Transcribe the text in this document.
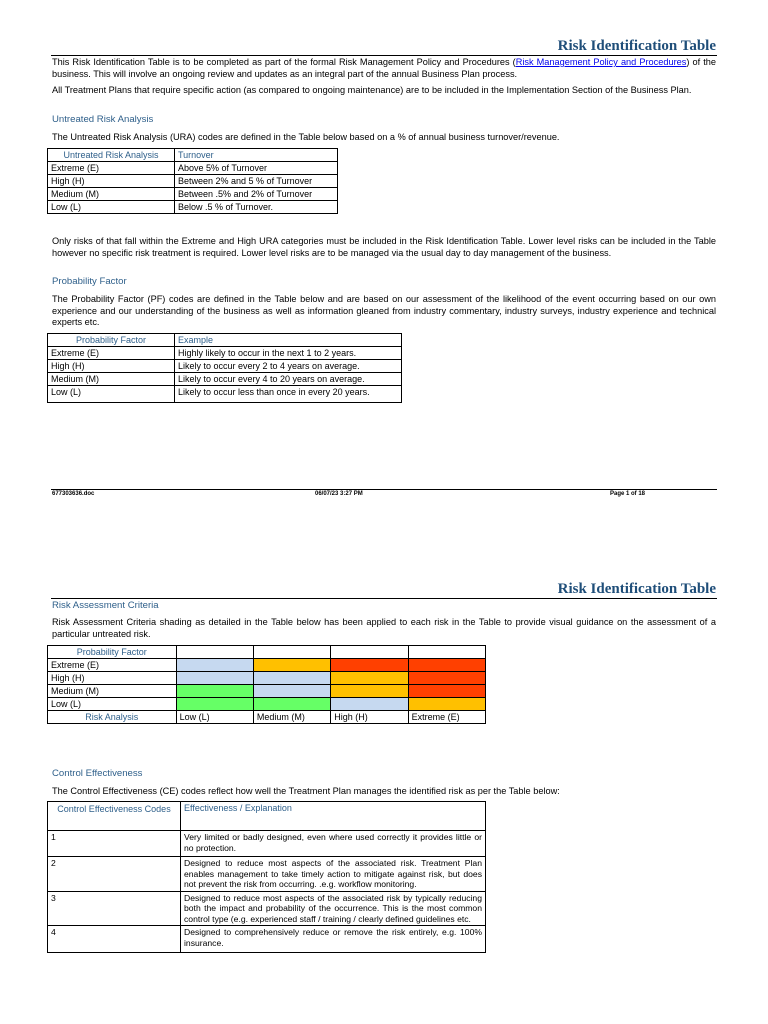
Risk Identification Table
This Risk Identification Table is to be completed as part of the formal Risk Management Policy and Procedures (Risk Management Policy and Procedures) of the business. This will involve an ongoing review and updates as an integral part of the annual Business Plan process.
All Treatment Plans that require specific action (as compared to ongoing maintenance) are to be included in the Implementation Section of the Business Plan.
Untreated Risk Analysis
The Untreated Risk Analysis (URA) codes are defined in the Table below based on a % of annual business turnover/revenue.
Untreated Risk Analysis	Turnover
Extreme (E)	Above 5% of Turnover
High (H)	Between 2% and 5 % of Turnover
Medium (M)	Between .5% and 2% of Turnover
Low (L)	Below .5 % of Turnover.
Only risks of that fall within the Extreme and High URA categories must be included in the Risk Identification Table. Lower level risks can be included in the Table however no specific risk treatment is required. Lower level risks are to be managed via the usual day to day management of the business.
Probability Factor
The Probability Factor (PF) codes are defined in the Table below and are based on our assessment of the likelihood of the event occurring based on our own experience and our understanding of the business as well as information gleaned from industry commentary, industry surveys, industry experience and technical experts etc.
Probability Factor	Example
Extreme (E)	Highly likely to occur in the next 1 to 2 years.
High (H)	Likely to occur every 2 to 4 years on average.
Medium (M)	Likely to occur every 4 to 20 years on average.
Low (L)	Likely to occur less than once in every 20 years.
677303636.doc	06/07/23 3:27 PM	Page 1 of 18
Risk Identification Table
Risk Assessment Criteria
Risk Assessment Criteria shading as detailed in the Table below has been applied to each risk in the Table to provide visual guidance on the assessment of a particular untreated risk.
Probability Factor				
Extreme (E)				
High (H)				
Medium (M)				
Low (L)				
Risk Analysis	Low (L)	Medium (M)	High (H)	Extreme (E)
Control Effectiveness
The Control Effectiveness (CE) codes reflect how well the Treatment Plan manages the identified risk as per the Table below:
Control Effectiveness Codes	Effectiveness / Explanation
1	Very limited or badly designed, even where used correctly it provides little or no protection.
2	Designed to reduce most aspects of the associated risk. Treatment Plan enables management to take timely action to mitigate against risk, but does not prevent the risk from occurring. .e.g. workflow monitoring.
3	Designed to reduce most aspects of the associated risk by typically reducing both the impact and probability of the occurrence. This is the most common control type (e.g. experienced staff / training / clearly defined guidelines etc.
4	Designed to comprehensively reduce or remove the risk entirely, e.g. 100% insurance.
